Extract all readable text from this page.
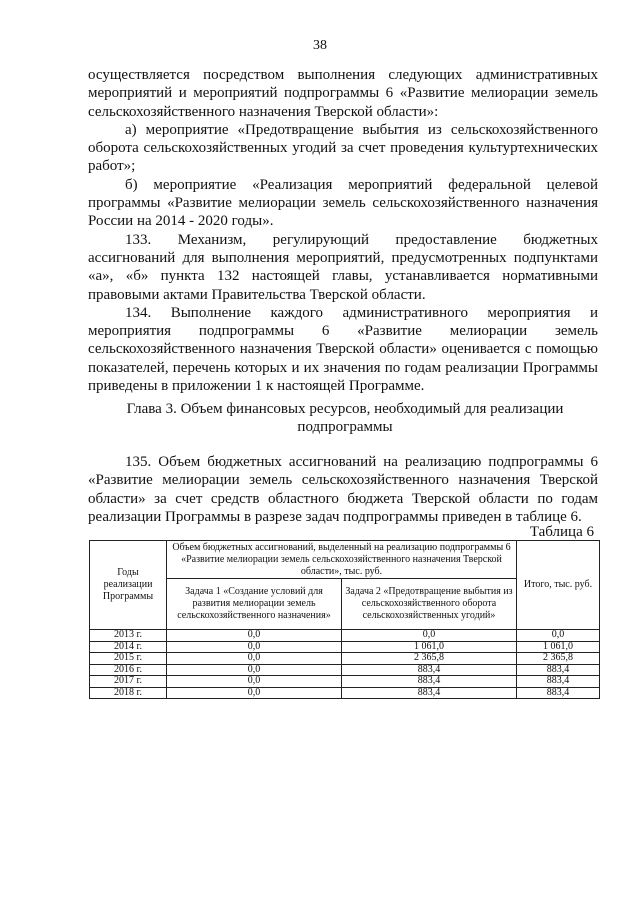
38

осуществляется посредством выполнения следующих административных мероприятий и мероприятий подпрограммы 6 «Развитие мелиорации земель сельскохозяйственного назначения Тверской области»:

а) мероприятие «Предотвращение выбытия из сельскохозяйственного оборота сельскохозяйственных угодий за счет проведения культуртехнических работ»;

б) мероприятие «Реализация мероприятий федеральной целевой программы «Развитие мелиорации земель сельскохозяйственного назначения России на 2014 - 2020 годы».

133. Механизм, регулирующий предоставление бюджетных ассигнований для выполнения мероприятий, предусмотренных подпунктами «а», «б» пункта 132 настоящей главы, устанавливается нормативными правовыми актами Правительства Тверской области.

134. Выполнение каждого административного мероприятия и мероприятия подпрограммы 6 «Развитие мелиорации земель сельскохозяйственного назначения Тверской области» оценивается с помощью показателей, перечень которых и их значения по годам реализации Программы приведены в приложении 1 к настоящей Программе.

Глава 3. Объем финансовых ресурсов, необходимый для реализации
подпрограммы

135. Объем бюджетных ассигнований на реализацию подпрограммы 6 «Развитие мелиорации земель сельскохозяйственного назначения Тверской области» за счет средств областного бюджета Тверской области по годам реализации Программы в разрезе задач подпрограммы приведен в таблице 6.

Таблица 6
Годы реализации Программы	Объем бюджетных ассигнований, выделенный на реализацию подпрограммы 6 «Развитие мелиорации земель сельскохозяйственного назначения Тверской области», тыс. руб.		Итого, тыс. руб.
	Задача 1 «Создание условий для развития мелиорации земель сельскохозяйственного назначения»	Задача 2 «Предотвращение выбытия из сельскохозяйственного оборота сельскохозяйственных угодий»	
2013 г.	0,0	0,0	0,0
2014 г.	0,0	1 061,0	1 061,0
2015 г.	0,0	2 365,8	2 365,8
2016 г.	0,0	883,4	883,4
2017 г.	0,0	883,4	883,4
2018 г.	0,0	883,4	883,4
